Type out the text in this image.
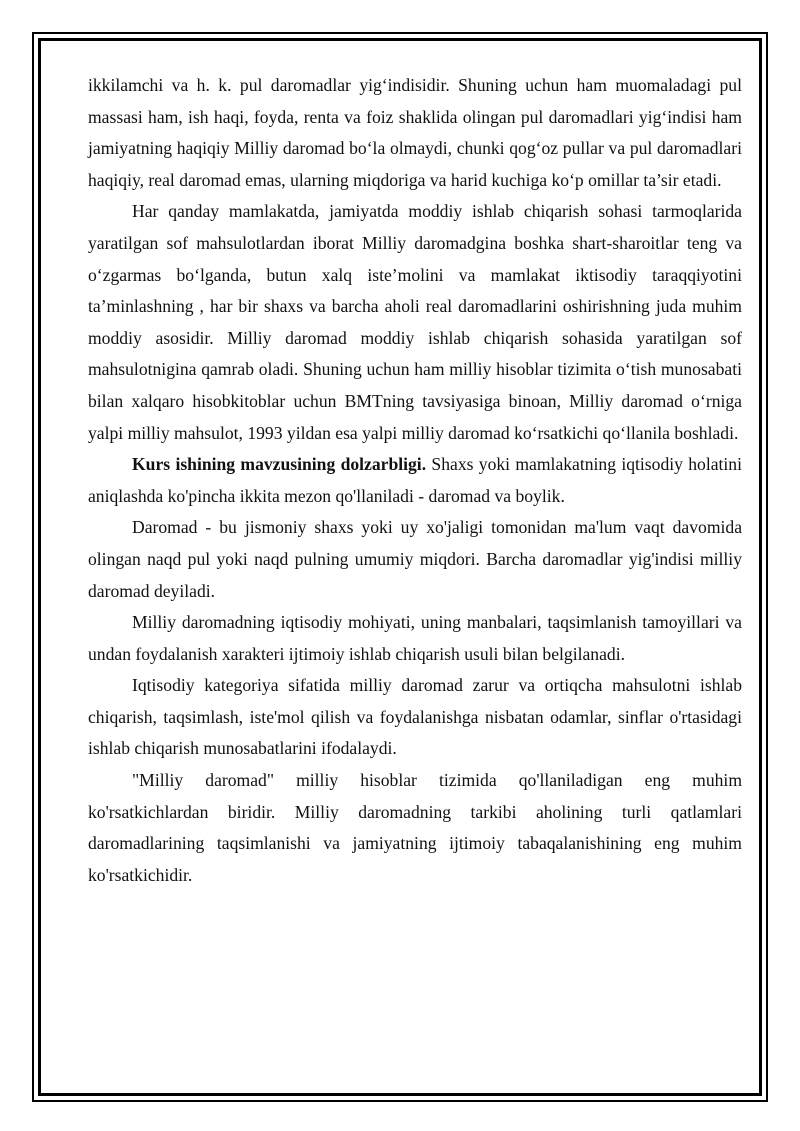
ikkilamchi va h. k. pul daromadlar yig‘indisidir. Shuning uchun ham muomaladagi pul massasi ham, ish haqi, foyda, renta va foiz shaklida olingan pul daromadlari yig‘indisi ham jamiyatning haqiqiy Milliy daromad bo‘la olmaydi, chunki qog‘oz pullar va pul daromadlari haqiqiy, real daromad emas, ularning miqdoriga va harid kuchiga ko‘p omillar ta’sir etadi.

Har qanday mamlakatda, jamiyatda moddiy ishlab chiqarish sohasi tarmoqlarida yaratilgan sof mahsulotlardan iborat Milliy daromadgina boshka shart-sharoitlar teng va o‘zgarmas bo‘lganda, butun xalq iste’molini va mamlakat iktisodiy taraqqiyotini ta’minlashning , har bir shaxs va barcha aholi real daromadlarini oshirishning juda muhim moddiy asosidir. Milliy daromad moddiy ishlab chiqarish sohasida yaratilgan sof mahsulotnigina qamrab oladi. Shuning uchun ham milliy hisoblar tizimita o‘tish munosabati bilan xalqaro hisobkitoblar uchun BMTning tavsiyasiga binoan, Milliy daromad o‘rniga yalpi milliy mahsulot, 1993 yildan esa yalpi milliy daromad ko‘rsatkichi qo‘llanila boshladi.

Kurs ishining mavzusining dolzarbligi. Shaxs yoki mamlakatning iqtisodiy holatini aniqlashda ko'pincha ikkita mezon qo'llaniladi - daromad va boylik.

Daromad - bu jismoniy shaxs yoki uy xo'jaligi tomonidan ma'lum vaqt davomida olingan naqd pul yoki naqd pulning umumiy miqdori. Barcha daromadlar yig'indisi milliy daromad deyiladi.

Milliy daromadning iqtisodiy mohiyati, uning manbalari, taqsimlanish tamoyillari va undan foydalanish xarakteri ijtimoiy ishlab chiqarish usuli bilan belgilanadi.

Iqtisodiy kategoriya sifatida milliy daromad zarur va ortiqcha mahsulotni ishlab chiqarish, taqsimlash, iste'mol qilish va foydalanishga nisbatan odamlar, sinflar o'rtasidagi ishlab chiqarish munosabatlarini ifodalaydi.

"Milliy daromad" milliy hisoblar tizimida qo'llaniladigan eng muhim ko'rsatkichlardan biridir. Milliy daromadning tarkibi aholining turli qatlamlari daromadlarining taqsimlanishi va jamiyatning ijtimoiy tabaqalanishining eng muhim ko'rsatkichidir.
